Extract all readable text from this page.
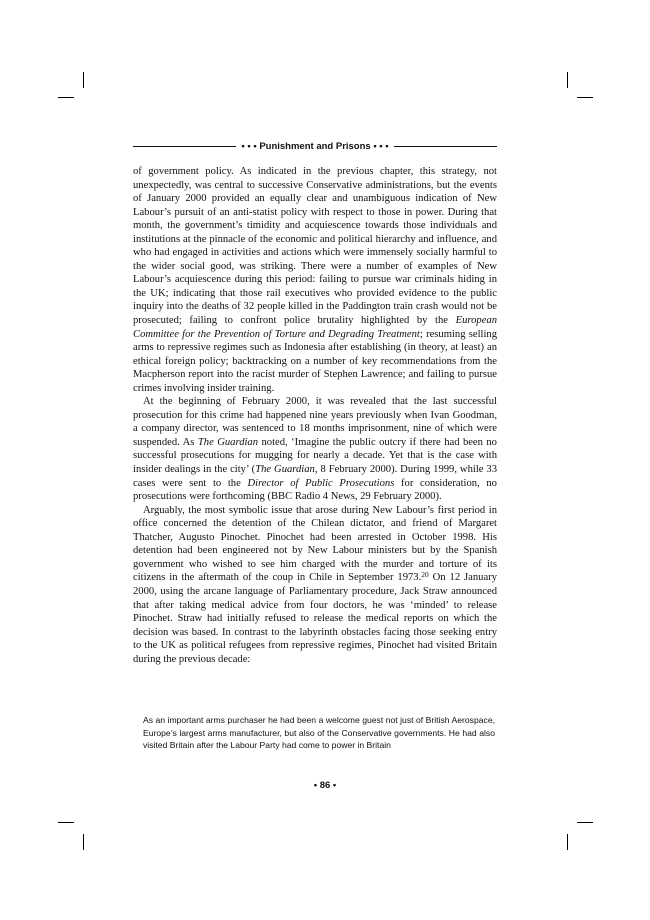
• • • Punishment and Prisons • • •

of government policy. As indicated in the previous chapter, this strategy, not unexpectedly, was central to successive Conservative administrations, but the events of January 2000 provided an equally clear and unambiguous indication of New Labour’s pursuit of an anti-statist policy with respect to those in power. During that month, the government’s timidity and acquiescence towards those individuals and institutions at the pinnacle of the economic and political hierarchy and influence, and who had engaged in activities and actions which were immensely socially harmful to the wider social good, was striking. There were a number of examples of New Labour’s acquiescence during this period: failing to pursue war criminals hiding in the UK; indicating that those rail executives who provided evidence to the public inquiry into the deaths of 32 people killed in the Paddington train crash would not be prosecuted; failing to confront police brutality highlighted by the European Committee for the Prevention of Torture and Degrading Treatment; resuming selling arms to repressive regimes such as Indonesia after establishing (in theory, at least) an ethical foreign policy; backtracking on a number of key recommendations from the Macpherson report into the racist murder of Stephen Lawrence; and failing to pursue crimes involving insider training.

At the beginning of February 2000, it was revealed that the last successful prosecution for this crime had happened nine years previously when Ivan Goodman, a company director, was sentenced to 18 months imprisonment, nine of which were suspended. As The Guardian noted, ‘Imagine the public outcry if there had been no successful prosecutions for mugging for nearly a decade. Yet that is the case with insider dealings in the city’ (The Guardian, 8 February 2000). During 1999, while 33 cases were sent to the Director of Public Prosecutions for consideration, no prosecutions were forthcoming (BBC Radio 4 News, 29 February 2000).

Arguably, the most symbolic issue that arose during New Labour’s first period in office concerned the detention of the Chilean dictator, and friend of Margaret Thatcher, Augusto Pinochet. Pinochet had been arrested in October 1998. His detention had been engineered not by New Labour ministers but by the Spanish government who wished to see him charged with the murder and torture of its citizens in the aftermath of the coup in Chile in September 1973.20 On 12 January 2000, using the arcane language of Parliamentary procedure, Jack Straw announced that after taking medical advice from four doctors, he was ‘minded’ to release Pinochet. Straw had initially refused to release the medical reports on which the decision was based. In contrast to the labyrinth obstacles facing those seeking entry to the UK as political refugees from repressive regimes, Pinochet had visited Britain during the previous decade:

As an important arms purchaser he had been a welcome guest not just of British Aerospace, Europe’s largest arms manufacturer, but also of the Conservative governments. He had also visited Britain after the Labour Party had come to power in Britain

• 86 •
